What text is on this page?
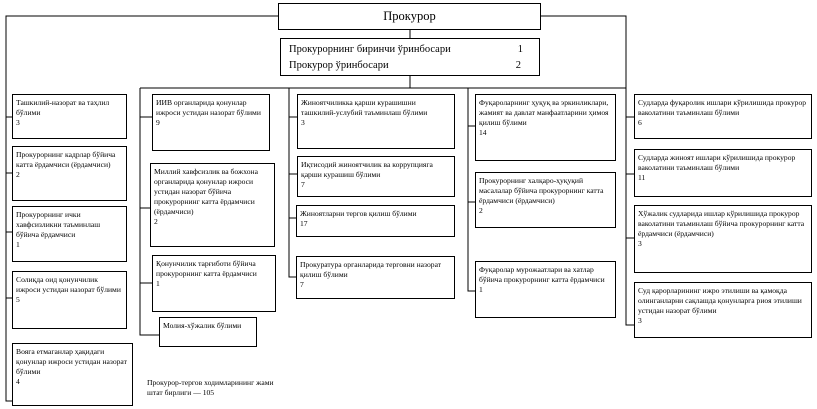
Прокурор
Прокурорнинг биринчи ўринбосари	1
Прокурор ўринбосари	2
Ташкилий-назорат ва таҳлил бўлими
3
Прокурорнинг кадрлар бўйича катта ёрдамчиси (ёрдамчиси)
2
Прокурорнинг ички хавфсизликни таъминлаш бўйича ёрдамчиси
1
Солиқда оид қонунчилик ижроси устидан назорат бўлими
5
Вояга етмаганлар ҳақидаги қонунлар ижроси устидан назорат бўлими
4
ИИВ органларида қонунлар ижроси устидан назорат бўлими
9
Миллий хавфсизлик ва божхона органларида қонунлар ижроси устидан назорат бўйича прокурорнинг катта ёрдамчиси (ёрдамчиси)
2
Қонунчилик тарғиботи бўйича прокурорнинг катта ёрдамчиси
1
Молия-хўжалик бўлими
Жиноятчиликка қарши курашишни ташкилий-услубий таъминлаш бўлими
3
Иқтисодий жиноятчилик ва коррупцияга қарши курашиш бўлими
7
Жиноятларни тергов қилиш бўлими
17
Прокуратура органларида терговни назорат қилиш бўлими
7
Фуқароларнинг ҳуқуқ ва эркинликлари, жамият ва давлат манфаатларини ҳимоя қилиш бўлими
14
Прокурорнинг халқаро-ҳуқуқий масалалар бўйича прокурорнинг катта ёрдамчиси (ёрдамчиси)
2
Фуқаролар мурожаатлари ва хатлар бўйича прокурорнинг катта ёрдамчиси
1
Судларда фуқаролик ишлари кўрилишида прокурор ваколатини таъминлаш бўлими
6
Судларда жиноят ишлари кўрилишида прокурор ваколатини таъминлаш бўлими
11
Хўжалик судларида ишлар кўрилишида прокурор ваколатини таъминлаш бўйича прокурорнинг катта ёрдамчиси (ёрдамчиси)
3
Суд қарорларининг ижро этилиши ва қамоқда олинганларни сақлашда қонунларга риоя этилиши устидан назорат бўлими
3
Прокурор-тергов ходимларининг жами
штат бирлиги — 105
